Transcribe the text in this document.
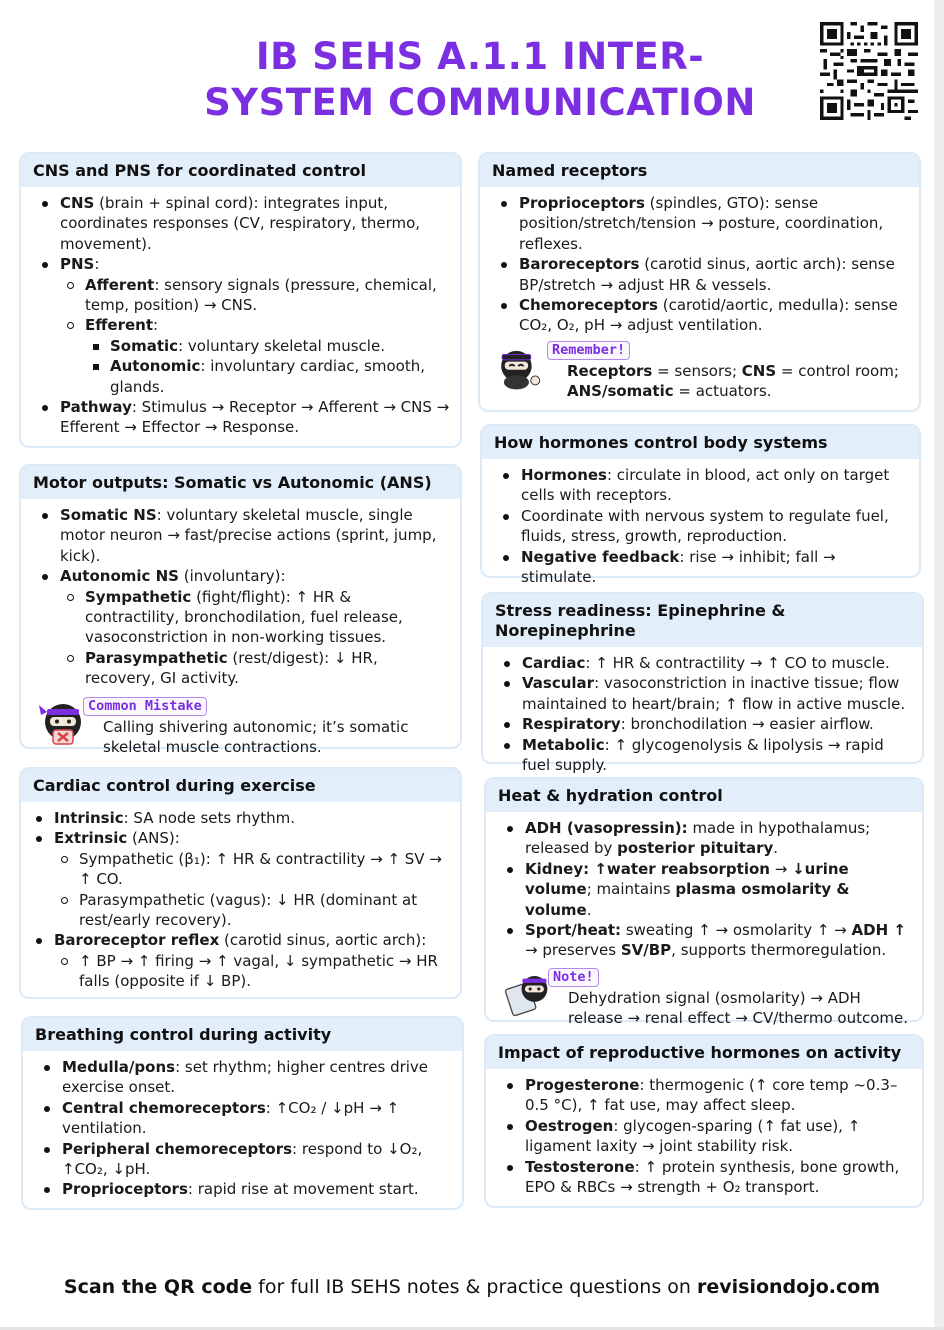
IB SEHS A.1.1 INTER-SYSTEM COMMUNICATION
CNS and PNS for coordinated control
CNS (brain + spinal cord): integrates input, coordinates responses (CV, respiratory, thermo, movement).
PNS:
Afferent: sensory signals (pressure, chemical, temp, position) → CNS.
Efferent:
Somatic: voluntary skeletal muscle.
Autonomic: involuntary cardiac, smooth, glands.
Pathway: Stimulus → Receptor → Afferent → CNS → Efferent → Effector → Response.
Motor outputs: Somatic vs Autonomic (ANS)
Somatic NS: voluntary skeletal muscle, single motor neuron → fast/precise actions (sprint, jump, kick).
Autonomic NS (involuntary):
Sympathetic (fight/flight): ↑ HR & contractility, bronchodilation, fuel release, vasoconstriction in non-working tissues.
Parasympathetic (rest/digest): ↓ HR, recovery, GI activity.
Common Mistake
Calling shivering autonomic; it’s somatic skeletal muscle contractions.
Cardiac control during exercise
Intrinsic: SA node sets rhythm.
Extrinsic (ANS):
Sympathetic (β₁): ↑ HR & contractility → ↑ SV → ↑ CO.
Parasympathetic (vagus): ↓ HR (dominant at rest/early recovery).
Baroreceptor reflex (carotid sinus, aortic arch):
↑ BP → ↑ firing → ↑ vagal, ↓ sympathetic → HR falls (opposite if ↓ BP).
Breathing control during activity
Medulla/pons: set rhythm; higher centres drive exercise onset.
Central chemoreceptors: ↑CO₂ / ↓pH → ↑ ventilation.
Peripheral chemoreceptors: respond to ↓O₂, ↑CO₂, ↓pH.
Proprioceptors: rapid rise at movement start.
Named receptors
Proprioceptors (spindles, GTO): sense position/stretch/tension → posture, coordination, reflexes.
Baroreceptors (carotid sinus, aortic arch): sense BP/stretch → adjust HR & vessels.
Chemoreceptors (carotid/aortic, medulla): sense CO₂, O₂, pH → adjust ventilation.
Remember!
Receptors = sensors; CNS = control room; ANS/somatic = actuators.
How hormones control body systems
Hormones: circulate in blood, act only on target cells with receptors.
Coordinate with nervous system to regulate fuel, fluids, stress, growth, reproduction.
Negative feedback: rise → inhibit; fall → stimulate.
Stress readiness: Epinephrine & Norepinephrine
Cardiac: ↑ HR & contractility → ↑ CO to muscle.
Vascular: vasoconstriction in inactive tissue; flow maintained to heart/brain; ↑ flow in active muscle.
Respiratory: bronchodilation → easier airflow.
Metabolic: ↑ glycogenolysis & lipolysis → rapid fuel supply.
Heat & hydration control
ADH (vasopressin): made in hypothalamus; released by posterior pituitary.
Kidney: ↑water reabsorption → ↓urine volume; maintains plasma osmolarity & volume.
Sport/heat: sweating ↑ → osmolarity ↑ → ADH ↑ → preserves SV/BP, supports thermoregulation.
Note!
Dehydration signal (osmolarity) → ADH release → renal effect → CV/thermo outcome.
Impact of reproductive hormones on activity
Progesterone: thermogenic (↑ core temp ~0.3–0.5 °C), ↑ fat use, may affect sleep.
Oestrogen: glycogen-sparing (↑ fat use), ↑ ligament laxity → joint stability risk.
Testosterone: ↑ protein synthesis, bone growth, EPO & RBCs → strength + O₂ transport.
Scan the QR code for full IB SEHS notes & practice questions on revisiondojo.com
